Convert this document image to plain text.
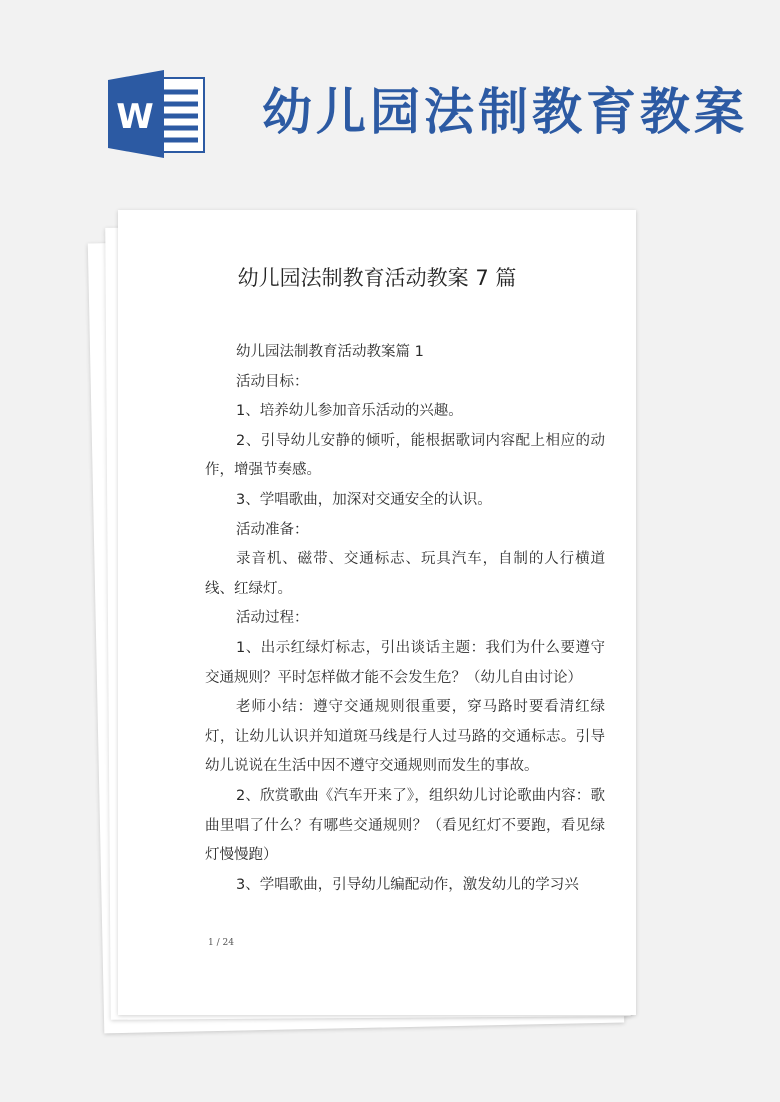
W 幼儿园法制教育教案
幼儿园法制教育活动教案 7 篇

幼儿园法制教育活动教案篇 1

活动目标：

1、培养幼儿参加音乐活动的兴趣。

2、引导幼儿安静的倾听，能根据歌词内容配上相应的动作，增强节奏感。

3、学唱歌曲，加深对交通安全的认识。

活动准备：

录音机、磁带、交通标志、玩具汽车，自制的人行横道线、红绿灯。

活动过程：

1、出示红绿灯标志，引出谈话主题：我们为什么要遵守交通规则？平时怎样做才能不会发生危？（幼儿自由讨论）

老师小结：遵守交通规则很重要，穿马路时要看清红绿灯，让幼儿认识并知道斑马线是行人过马路的交通标志。引导幼儿说说在生活中因不遵守交通规则而发生的事故。

2、欣赏歌曲《汽车开来了》，组织幼儿讨论歌曲内容：歌曲里唱了什么？有哪些交通规则？（看见红灯不要跑，看见绿灯慢慢跑）

3、学唱歌曲，引导幼儿编配动作，激发幼儿的学习兴

1 / 24
